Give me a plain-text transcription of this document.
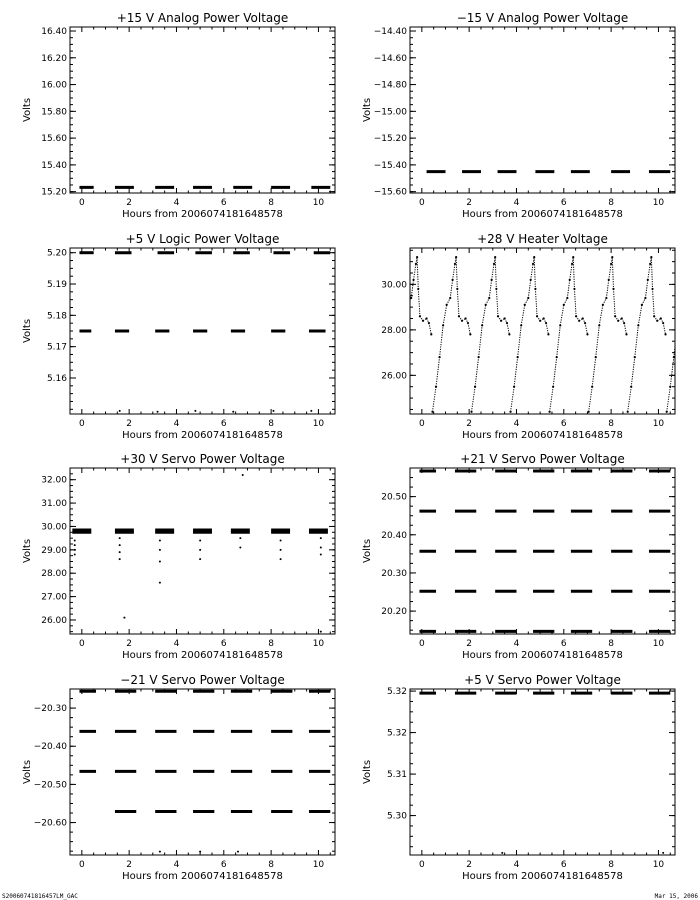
+15 V Analog Power Voltage
0	2	4	6	8	10
15.20
15.40
15.60
15.80
16.00
16.20
16.40
Hours from 2006074181648578
Volts
−15 V Analog Power Voltage
0	2	4	6	8	10
−15.60
−15.40
−15.20
−15.00
−14.80
−14.60
−14.40
Hours from 2006074181648578
Volts
+5 V Logic Power Voltage
0	2	4	6	8	10
5.16
5.17
5.18
5.19
5.20
Hours from 2006074181648578
Volts
+28 V Heater Voltage
0	2	4	6	8	10
26.00
28.00
30.00
Hours from 2006074181648578
+30 V Servo Power Voltage
0	2	4	6	8	10
26.00
27.00
28.00
29.00
30.00
31.00
32.00
Hours from 2006074181648578
Volts
+21 V Servo Power Voltage
0	2	4	6	8	10
20.20
20.30
20.40
20.50
Hours from 2006074181648578
Volts
−21 V Servo Power Voltage
0	2	4	6	8	10
−20.60
−20.50
−20.40
−20.30
Hours from 2006074181648578
Volts
+5 V Servo Power Voltage
0	2	4	6	8	10
5.30
5.31
5.32
5.32
Hours from 2006074181648578
Volts
S20060741816457LM_GAC	Mar 15, 2006
